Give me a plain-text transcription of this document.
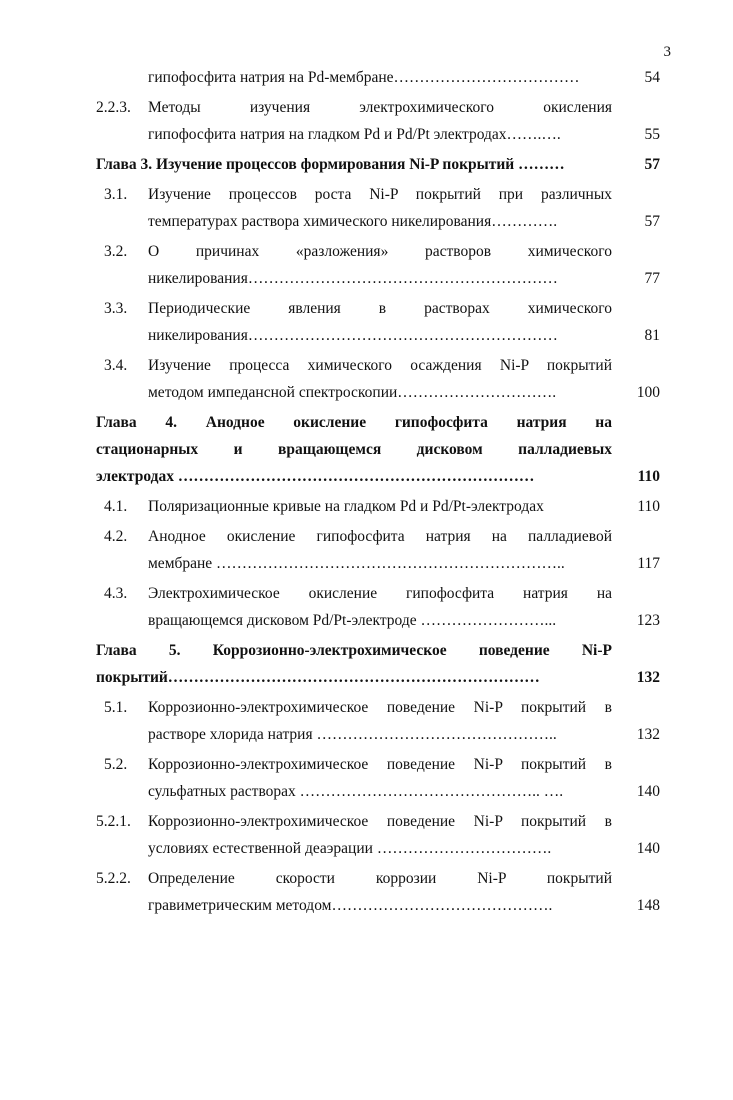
3
гипофосфита натрия на Pd-мембране………………………………	54
2.2.3.	Методы изучения электрохимического окисления
гипофосфита натрия на гладком Pd и Pd/Pt электродах…….….	55
Глава 3. Изучение процессов формирования Ni-P покрытий ………	57
3.1.	Изучение процессов роста Ni-P покрытий при различных
температурах раствора химического никелирования………….	57
3.2.	О причинах «разложения» растворов химического
никелирования……………………………………………………	77
3.3.	Периодические явления в растворах химического
никелирования……………………………………………………	81
3.4.	Изучение процесса химического осаждения Ni-P покрытий
методом импедансной спектроскопии………………………….	100
Глава 4. Анодное окисление гипофосфита натрия на
стационарных и вращающемся дисковом палладиевых
электродах ……………………………………………………………	110
4.1.	Поляризационные кривые на гладком Pd и Pd/Pt-электродах	110
4.2.	Анодное окисление гипофосфита натрия на палладиевой
мембране …………………………………………………………..	117
4.3.	Электрохимическое окисление гипофосфита натрия на
вращающемся дисковом Pd/Pt-электроде ……………………...	123
Глава 5. Коррозионно-электрохимическое поведение Ni-P
покрытий………………………………………………………………	132
5.1.	Коррозионно-электрохимическое поведение Ni-P покрытий в
растворе хлорида натрия ………………………………………..	132
5.2.	Коррозионно-электрохимическое поведение Ni-P покрытий в
сульфатных растворах ……………………………………….. ….	140
5.2.1.	Коррозионно-электрохимическое поведение Ni-P покрытий в
условиях естественной деаэрации …………………………….	140
5.2.2.	Определение скорости коррозии Ni-P покрытий
гравиметрическим методом…………………………………….	148
